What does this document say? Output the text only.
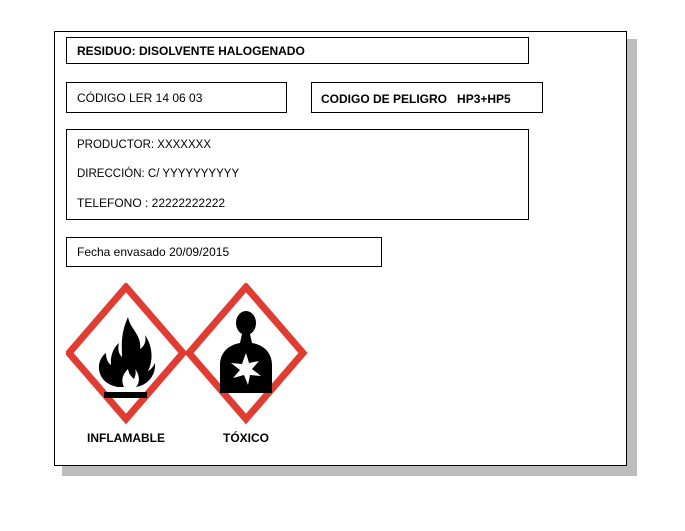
RESIDUO: DISOLVENTE HALOGENADO
CÓDIGO LER 14 06 03	CODIGO DE PELIGRO HP3+HP5
PRODUCTOR: XXXXXXX
DIRECCIÓN: C/ YYYYYYYYYY
TELEFONO : 22222222222
Fecha envasado 20/09/2015
INFLAMABLE	TÓXICO
